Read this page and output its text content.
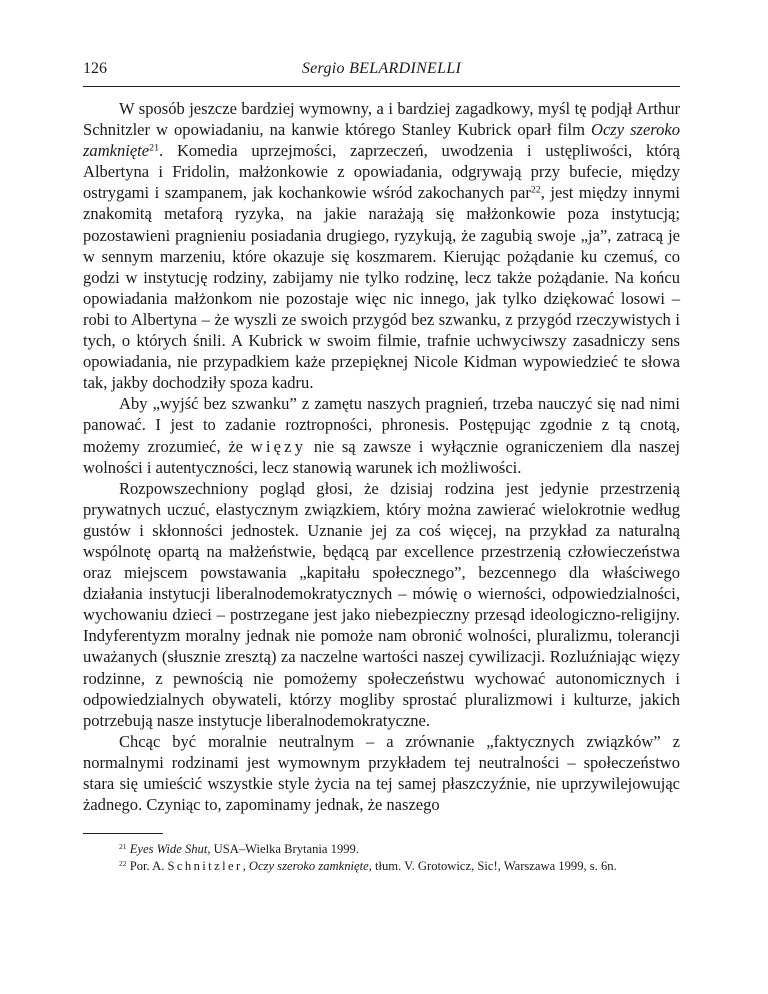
126	Sergio BELARDINELLI

W sposób jeszcze bardziej wymowny, a i bardziej zagadkowy, myśl tę podjął Arthur Schnitzler w opowiadaniu, na kanwie którego Stanley Kubrick oparł film Oczy szeroko zamknięte$^{21}$. Komedia uprzejmości, zaprzeczeń, uwodzenia i ustępliwości, którą Albertyna i Fridolin, małżonkowie z opowiadania, odgrywają przy bufecie, między ostrygami i szampanem, jak kochankowie wśród zakochanych par$^{22}$, jest między innymi znakomitą metaforą ryzyka, na jakie narażają się małżonkowie poza instytucją; pozostawieni pragnieniu posiadania drugiego, ryzykują, że zagubią swoje „ja”, zatracą je w sennym marzeniu, które okazuje się koszmarem. Kierując pożądanie ku czemuś, co godzi w instytucję rodziny, zabijamy nie tylko rodzinę, lecz także pożądanie. Na końcu opowiadania małżonkom nie pozostaje więc nic innego, jak tylko dziękować losowi – robi to Albertyna – że wyszli ze swoich przygód bez szwanku, z przygód rzeczywistych i tych, o których śnili. A Kubrick w swoim filmie, trafnie uchwyciwszy zasadniczy sens opowiadania, nie przypadkiem każe przepięknej Nicole Kidman wypowiedzieć te słowa tak, jakby dochodziły spoza kadru.

Aby „wyjść bez szwanku” z zamętu naszych pragnień, trzeba nauczyć się nad nimi panować. I jest to zadanie roztropności, phronesis. Postępując zgodnie z tą cnotą, możemy zrozumieć, że więzy nie są zawsze i wyłącznie ograniczeniem dla naszej wolności i autentyczności, lecz stanowią warunek ich możliwości.

Rozpowszechniony pogląd głosi, że dzisiaj rodzina jest jedynie przestrzenią prywatnych uczuć, elastycznym związkiem, który można zawierać wielokrotnie według gustów i skłonności jednostek. Uznanie jej za coś więcej, na przykład za naturalną wspólnotę opartą na małżeństwie, będącą par excellence przestrzenią człowieczeństwa oraz miejscem powstawania „kapitału społecznego”, bezcennego dla właściwego działania instytucji liberalnodemokratycznych – mówię o wierności, odpowiedzialności, wychowaniu dzieci – postrzegane jest jako niebezpieczny przesąd ideologiczno-religijny. Indyferentyzm moralny jednak nie pomoże nam obronić wolności, pluralizmu, tolerancji uważanych (słusznie zresztą) za naczelne wartości naszej cywilizacji. Rozluźniając więzy rodzinne, z pewnością nie pomożemy społeczeństwu wychować autonomicznych i odpowiedzialnych obywateli, którzy mogliby sprostać pluralizmowi i kulturze, jakich potrzebują nasze instytucje liberalnodemokratyczne.

Chcąc być moralnie neutralnym – a zrównanie „faktycznych związków” z normalnymi rodzinami jest wymownym przykładem tej neutralności – społeczeństwo stara się umieścić wszystkie style życia na tej samej płaszczyźnie, nie uprzywilejowując żadnego. Czyniąc to, zapominamy jednak, że naszego

$^{21}$ Eyes Wide Shut, USA–Wielka Brytania 1999.

$^{22}$ Por. A. Schnitzler, Oczy szeroko zamknięte, tłum. V. Grotowicz, Sic!, Warszawa 1999, s. 6n.
